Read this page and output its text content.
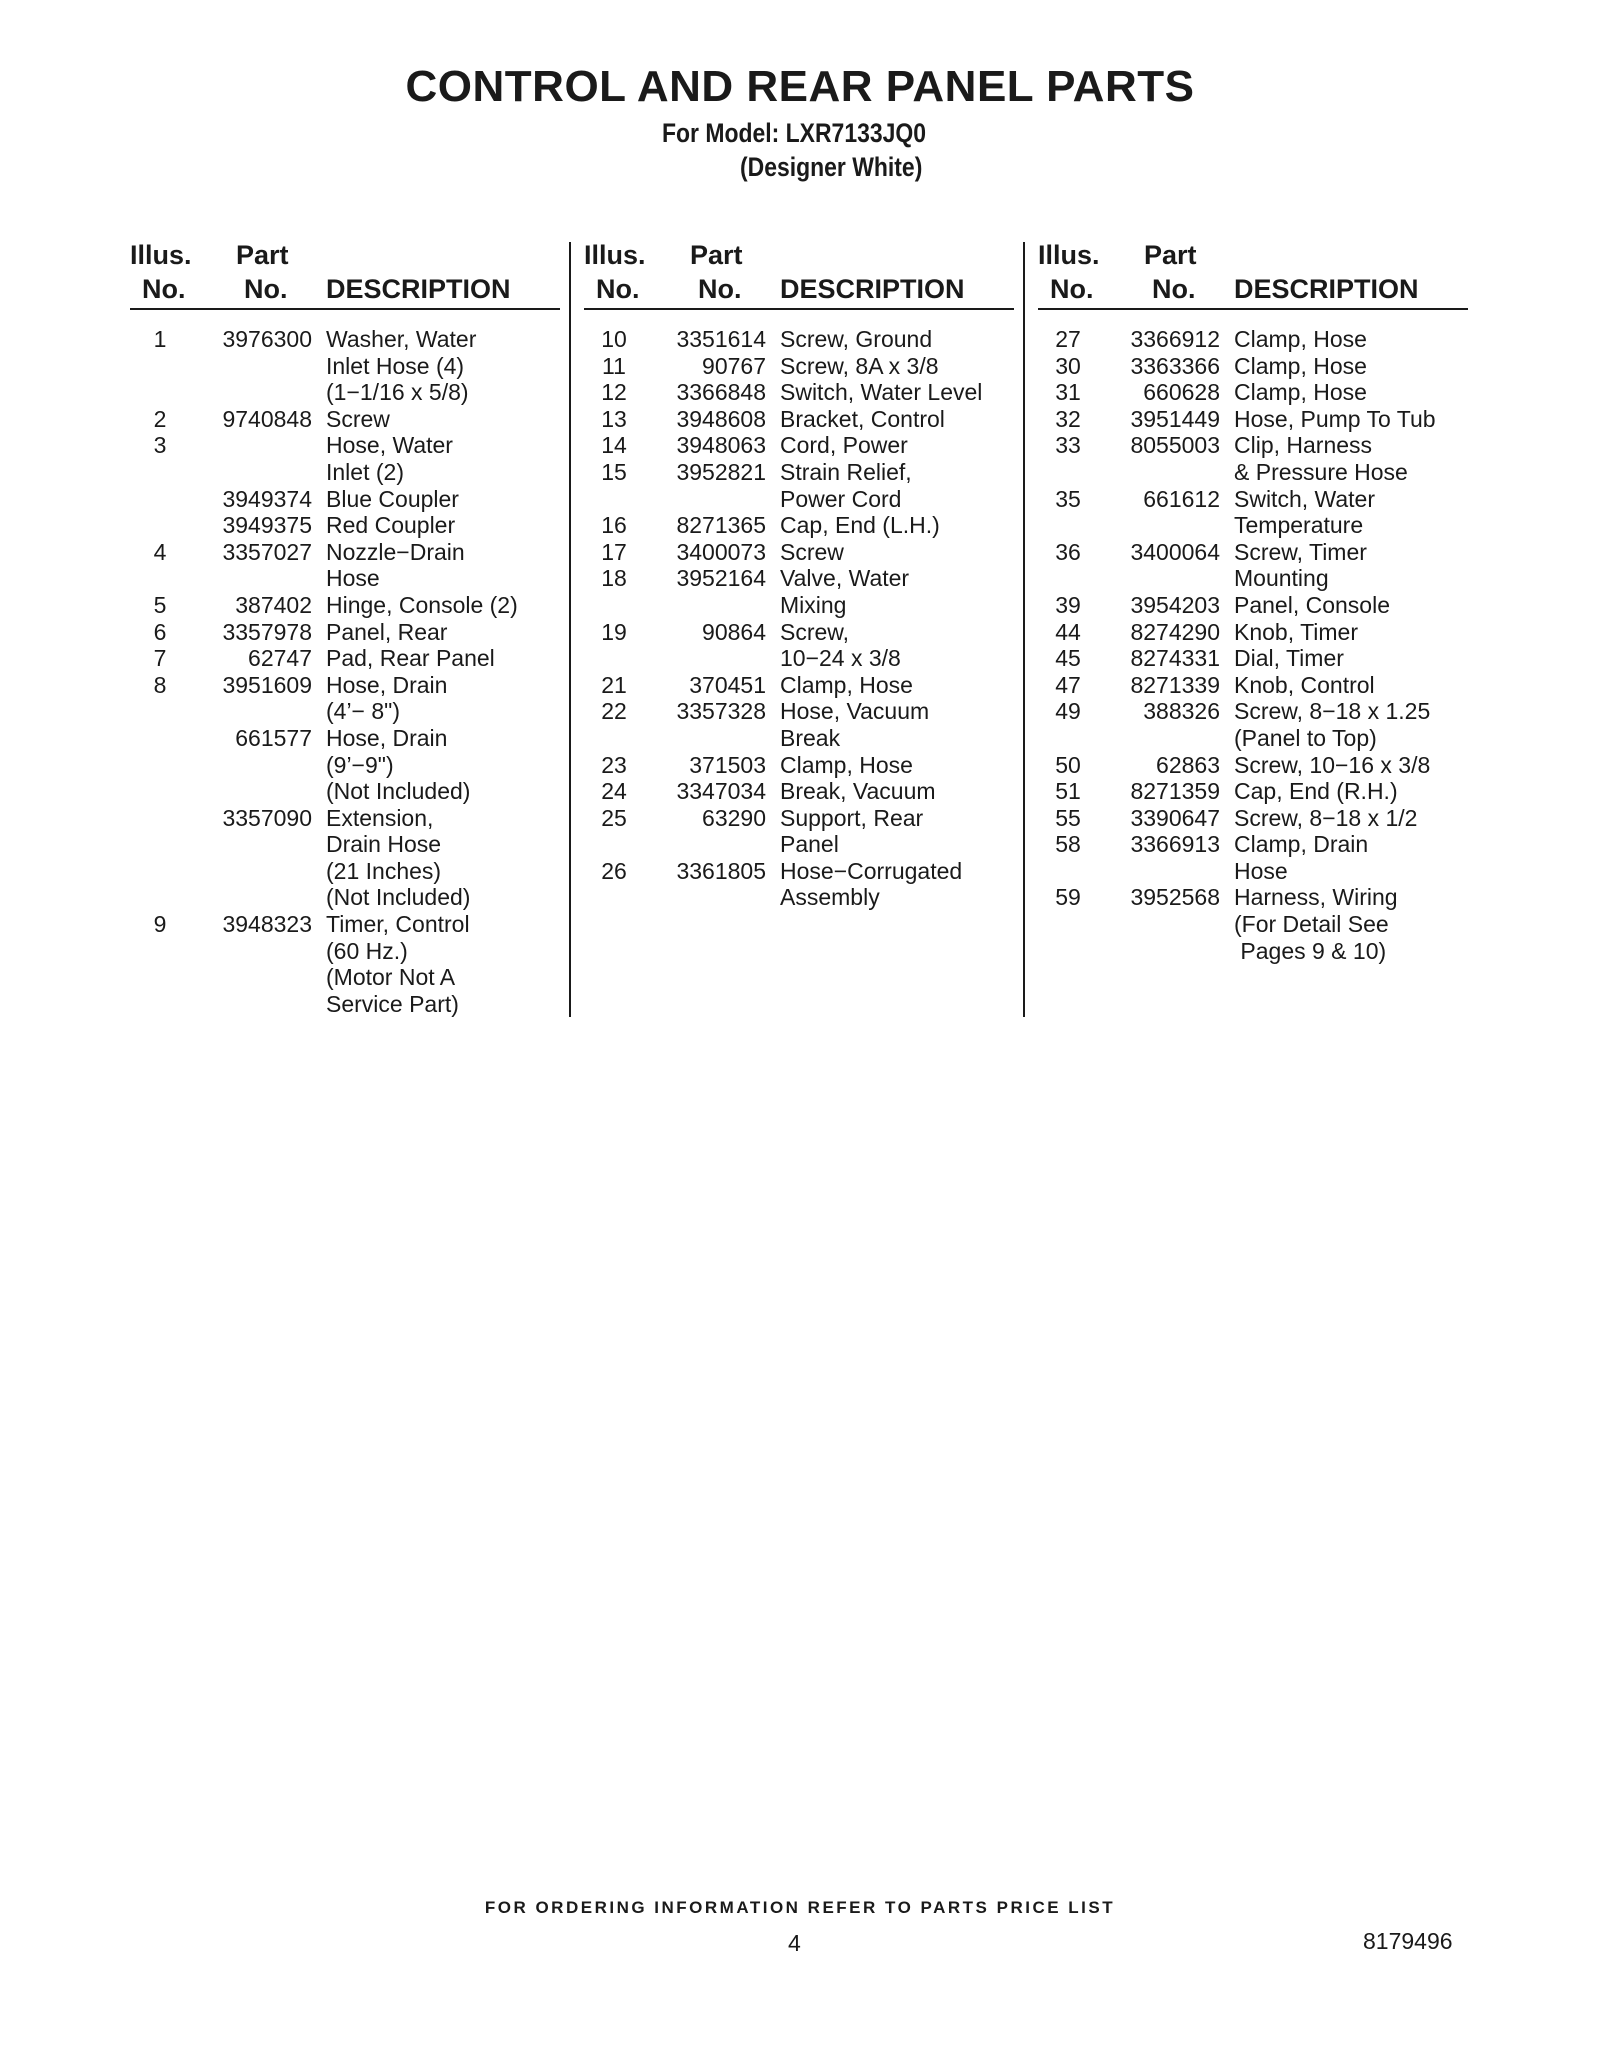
CONTROL AND REAR PANEL PARTS
For Model: LXR7133JQ0
(Designer White)
Illus.
No.
Part
No. DESCRIPTION
1	3976300 Washer, Water
Inlet Hose (4)
(1−1/16 x 5/8)
2	9740848 Screw
3	Hose, Water
Inlet (2)
3949374 Blue Coupler
3949375 Red Coupler
4	3357027 Nozzle−Drain
Hose
5	387402 Hinge, Console (2)
6	3357978 Panel, Rear
7	62747 Pad, Rear Panel
8	3951609 Hose, Drain
(4’− 8")
661577 Hose, Drain
(9’−9")
(Not Included)
3357090 Extension,
Drain Hose
(21 Inches)
(Not Included)
9	3948323 Timer, Control
(60 Hz.)
(Motor Not A
Service Part)
Illus.
No.
Part
No. DESCRIPTION
10	3351614 Screw, Ground
11	90767 Screw, 8A x 3/8
12	3366848 Switch, Water Level
13	3948608 Bracket, Control
14	3948063 Cord, Power
15	3952821 Strain Relief,
Power Cord
16	8271365 Cap, End (L.H.)
17	3400073 Screw
18	3952164 Valve, Water
Mixing
19	90864 Screw,
10−24 x 3/8
21	370451 Clamp, Hose
22	3357328 Hose, Vacuum
Break
23	371503 Clamp, Hose
24	3347034 Break, Vacuum
25	63290 Support, Rear
Panel
26	3361805 Hose−Corrugated
Assembly
Illus.
No.
Part
No. DESCRIPTION
27	3366912 Clamp, Hose
30	3363366 Clamp, Hose
31	660628 Clamp, Hose
32	3951449 Hose, Pump To Tub
33	8055003 Clip, Harness
& Pressure Hose
35	661612 Switch, Water
Temperature
36	3400064 Screw, Timer
Mounting
39	3954203 Panel, Console
44	8274290 Knob, Timer
45	8274331 Dial, Timer
47	8271339 Knob, Control
49	388326 Screw, 8−18 x 1.25
(Panel to Top)
50	62863 Screw, 10−16 x 3/8
51	8271359 Cap, End (R.H.)
55	3390647 Screw, 8−18 x 1/2
58	3366913 Clamp, Drain
Hose
59	3952568 Harness, Wiring
(For Detail See
Pages 9 & 10)
FOR ORDERING INFORMATION REFER TO PARTS PRICE LIST
4	8179496
